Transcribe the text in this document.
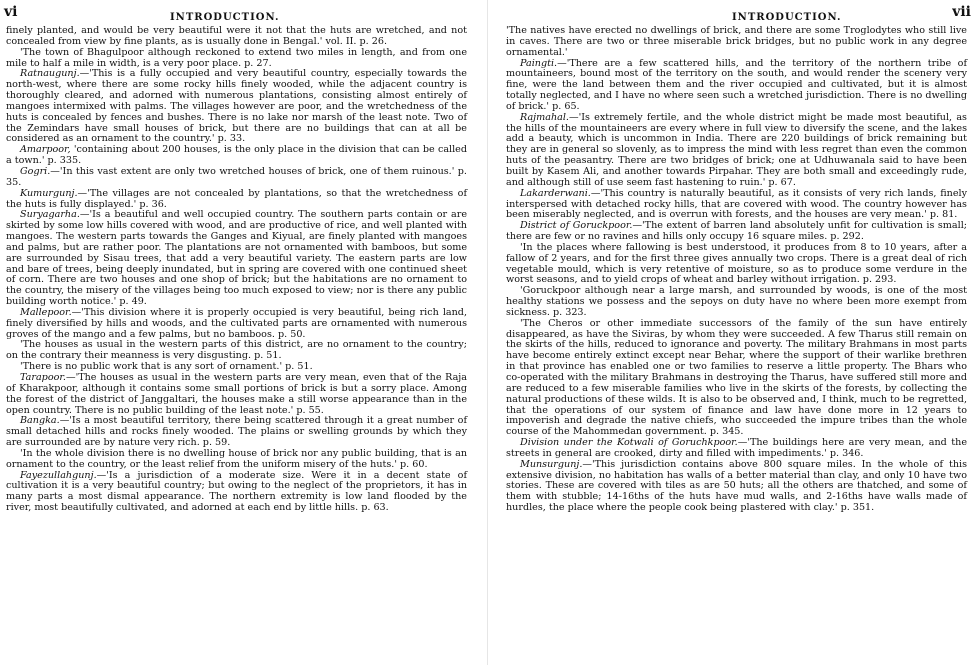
vi	INTRODUCTION.

finely planted, and would be very beautiful were it not that the huts are wretched, and not concealed from view by fine plants, as is usually done in Bengal.' vol. II. p. 26.

'The town of Bhagulpoor although reckoned to extend two miles in length, and from one mile to half a mile in width, is a very poor place. p. 27.

Ratnaugunj.—'This is a fully occupied and very beautiful country, especially towards the north-west, where there are some rocky hills finely wooded, while the adjacent country is thoroughly cleared, and adorned with numerous plantations, consisting almost entirely of mangoes intermixed with palms. The villages however are poor, and the wretchedness of the huts is concealed by fences and bushes. There is no lake nor marsh of the least note. Two of the Zemindars have small houses of brick, but there are no buildings that can at all be considered as an ornament to the country.' p. 33.

Amarpoor, 'containing about 200 houses, is the only place in the division that can be called a town.' p. 335.

Gogri.—'In this vast extent are only two wretched houses of brick, one of them ruinous.' p. 35.

Kumurgunj.—'The villages are not concealed by plantations, so that the wretchedness of the huts is fully displayed.' p. 36.

Suryagarha.—'Is a beautiful and well occupied country. The southern parts contain or are skirted by some low hills covered with wood, and are productive of rice, and well planted with mangoes. The western parts towards the Ganges and Kiyual, are finely planted with mangoes and palms, but are rather poor. The plantations are not ornamented with bamboos, but some are surrounded by Sisau trees, that add a very beautiful variety. The eastern parts are low and bare of trees, being deeply inundated, but in spring are covered with one continued sheet of corn. There are two houses and one shop of brick; but the habitations are no ornament to the country, the misery of the villages being too much exposed to view; nor is there any public building worth notice.' p. 49.

Mallepoor.—'This division where it is properly occupied is very beautiful, being rich land, finely diversified by hills and woods, and the cultivated parts are ornamented with numerous groves of the mango and a few palms, but no bamboos. p. 50.

'The houses as usual in the western parts of this district, are no ornament to the country; on the contrary their meanness is very disgusting. p. 51.

'There is no public work that is any sort of ornament.' p. 51.

Tarapoor.—'The houses as usual in the western parts are very mean, even that of the Raja of Kharakpoor, although it contains some small portions of brick is but a sorry place. Among the forest of the district of Janggaltari, the houses make a still worse appearance than in the open country. There is no public building of the least note.' p. 55.

Bangka.—'Is a most beautiful territory, there being scattered through it a great number of small detached hills and rocks finely wooded. The plains or swelling grounds by which they are surrounded are by nature very rich. p. 59.

'In the whole division there is no dwelling house of brick nor any public building, that is an ornament to the country, or the least relief from the uniform misery of the huts.' p. 60.

Fayezullahgunj.—'Is a jurisdiction of a moderate size. Were it in a decent state of cultivation it is a very beautiful country; but owing to the neglect of the proprietors, it has in many parts a most dismal appearance. The northern extremity is low land flooded by the river, most beautifully cultivated, and adorned at each end by little hills. p. 63.

INTRODUCTION.	vii

'The natives have erected no dwellings of brick, and there are some Troglodytes who still live in caves. There are two or three miserable brick bridges, but no public work in any degree ornamental.'

Paingti.—'There are a few scattered hills, and the territory of the northern tribe of mountaineers, bound most of the territory on the south, and would render the scenery very fine, were the land between them and the river occupied and cultivated, but it is almost totally neglected, and I have no where seen such a wretched jurisdiction. There is no dwelling of brick.' p. 65.

Rajmahal.—'Is extremely fertile, and the whole district might be made most beautiful, as the hills of the mountaineers are every where in full view to diversify the scene, and the lakes add a beauty, which is uncommon in India. There are 220 buildings of brick remaining but they are in general so slovenly, as to impress the mind with less regret than even the common huts of the peasantry. There are two bridges of brick; one at Udhuwanala said to have been built by Kasem Ali, and another towards Pirpahar. They are both small and exceedingly rude, and although still of use seem fast hastening to ruin.' p. 67.

Lakarderwani.—'This country is naturally beautiful, as it consists of very rich lands, finely interspersed with detached rocky hills, that are covered with wood. The country however has been miserably neglected, and is overrun with forests, and the houses are very mean.' p. 81.

District of Goruckpoor.—'The extent of barren land absolutely unfit for cultivation is small; there are few or no ravines and hills only occupy 16 square miles. p. 292.

'In the places where fallowing is best understood, it produces from 8 to 10 years, after a fallow of 2 years, and for the first three gives annually two crops. There is a great deal of rich vegetable mould, which is very retentive of moisture, so as to produce some verdure in the worst seasons, and to yield crops of wheat and barley without irrigation. p. 293.

'Goruckpoor although near a large marsh, and surrounded by woods, is one of the most healthy stations we possess and the sepoys on duty have no where been more exempt from sickness. p. 323.

'The Cheros or other immediate successors of the family of the sun have entirely disappeared, as have the Siviras, by whom they were succeeded. A few Tharus still remain on the skirts of the hills, reduced to ignorance and poverty. The military Brahmans in most parts have become entirely extinct except near Behar, where the support of their warlike brethren in that province has enabled one or two families to reserve a little property. The Bhars who co-operated with the military Brahmans in destroying the Tharus, have suffered still more and are reduced to a few miserable families who live in the skirts of the forests, by collecting the natural productions of these wilds. It is also to be observed and, I think, much to be regretted, that the operations of our system of finance and law have done more in 12 years to impoverish and degrade the native chiefs, who succeeded the impure tribes than the whole course of the Mahommedan government. p. 345.

Division under the Kotwali of Goruchkpoor.—'The buildings here are very mean, and the streets in general are crooked, dirty and filled with impediments.' p. 346.

Munsurgunj.—'This jurisdiction contains above 800 square miles. In the whole of this extensive division, no habitation has walls of a better material than clay, and only 10 have two stories. These are covered with tiles as are 50 huts; all the others are thatched, and some of them with stubble; 14-16ths of the huts have mud walls, and 2-16ths have walls made of hurdles, the place where the people cook being plastered with clay.' p. 351.
